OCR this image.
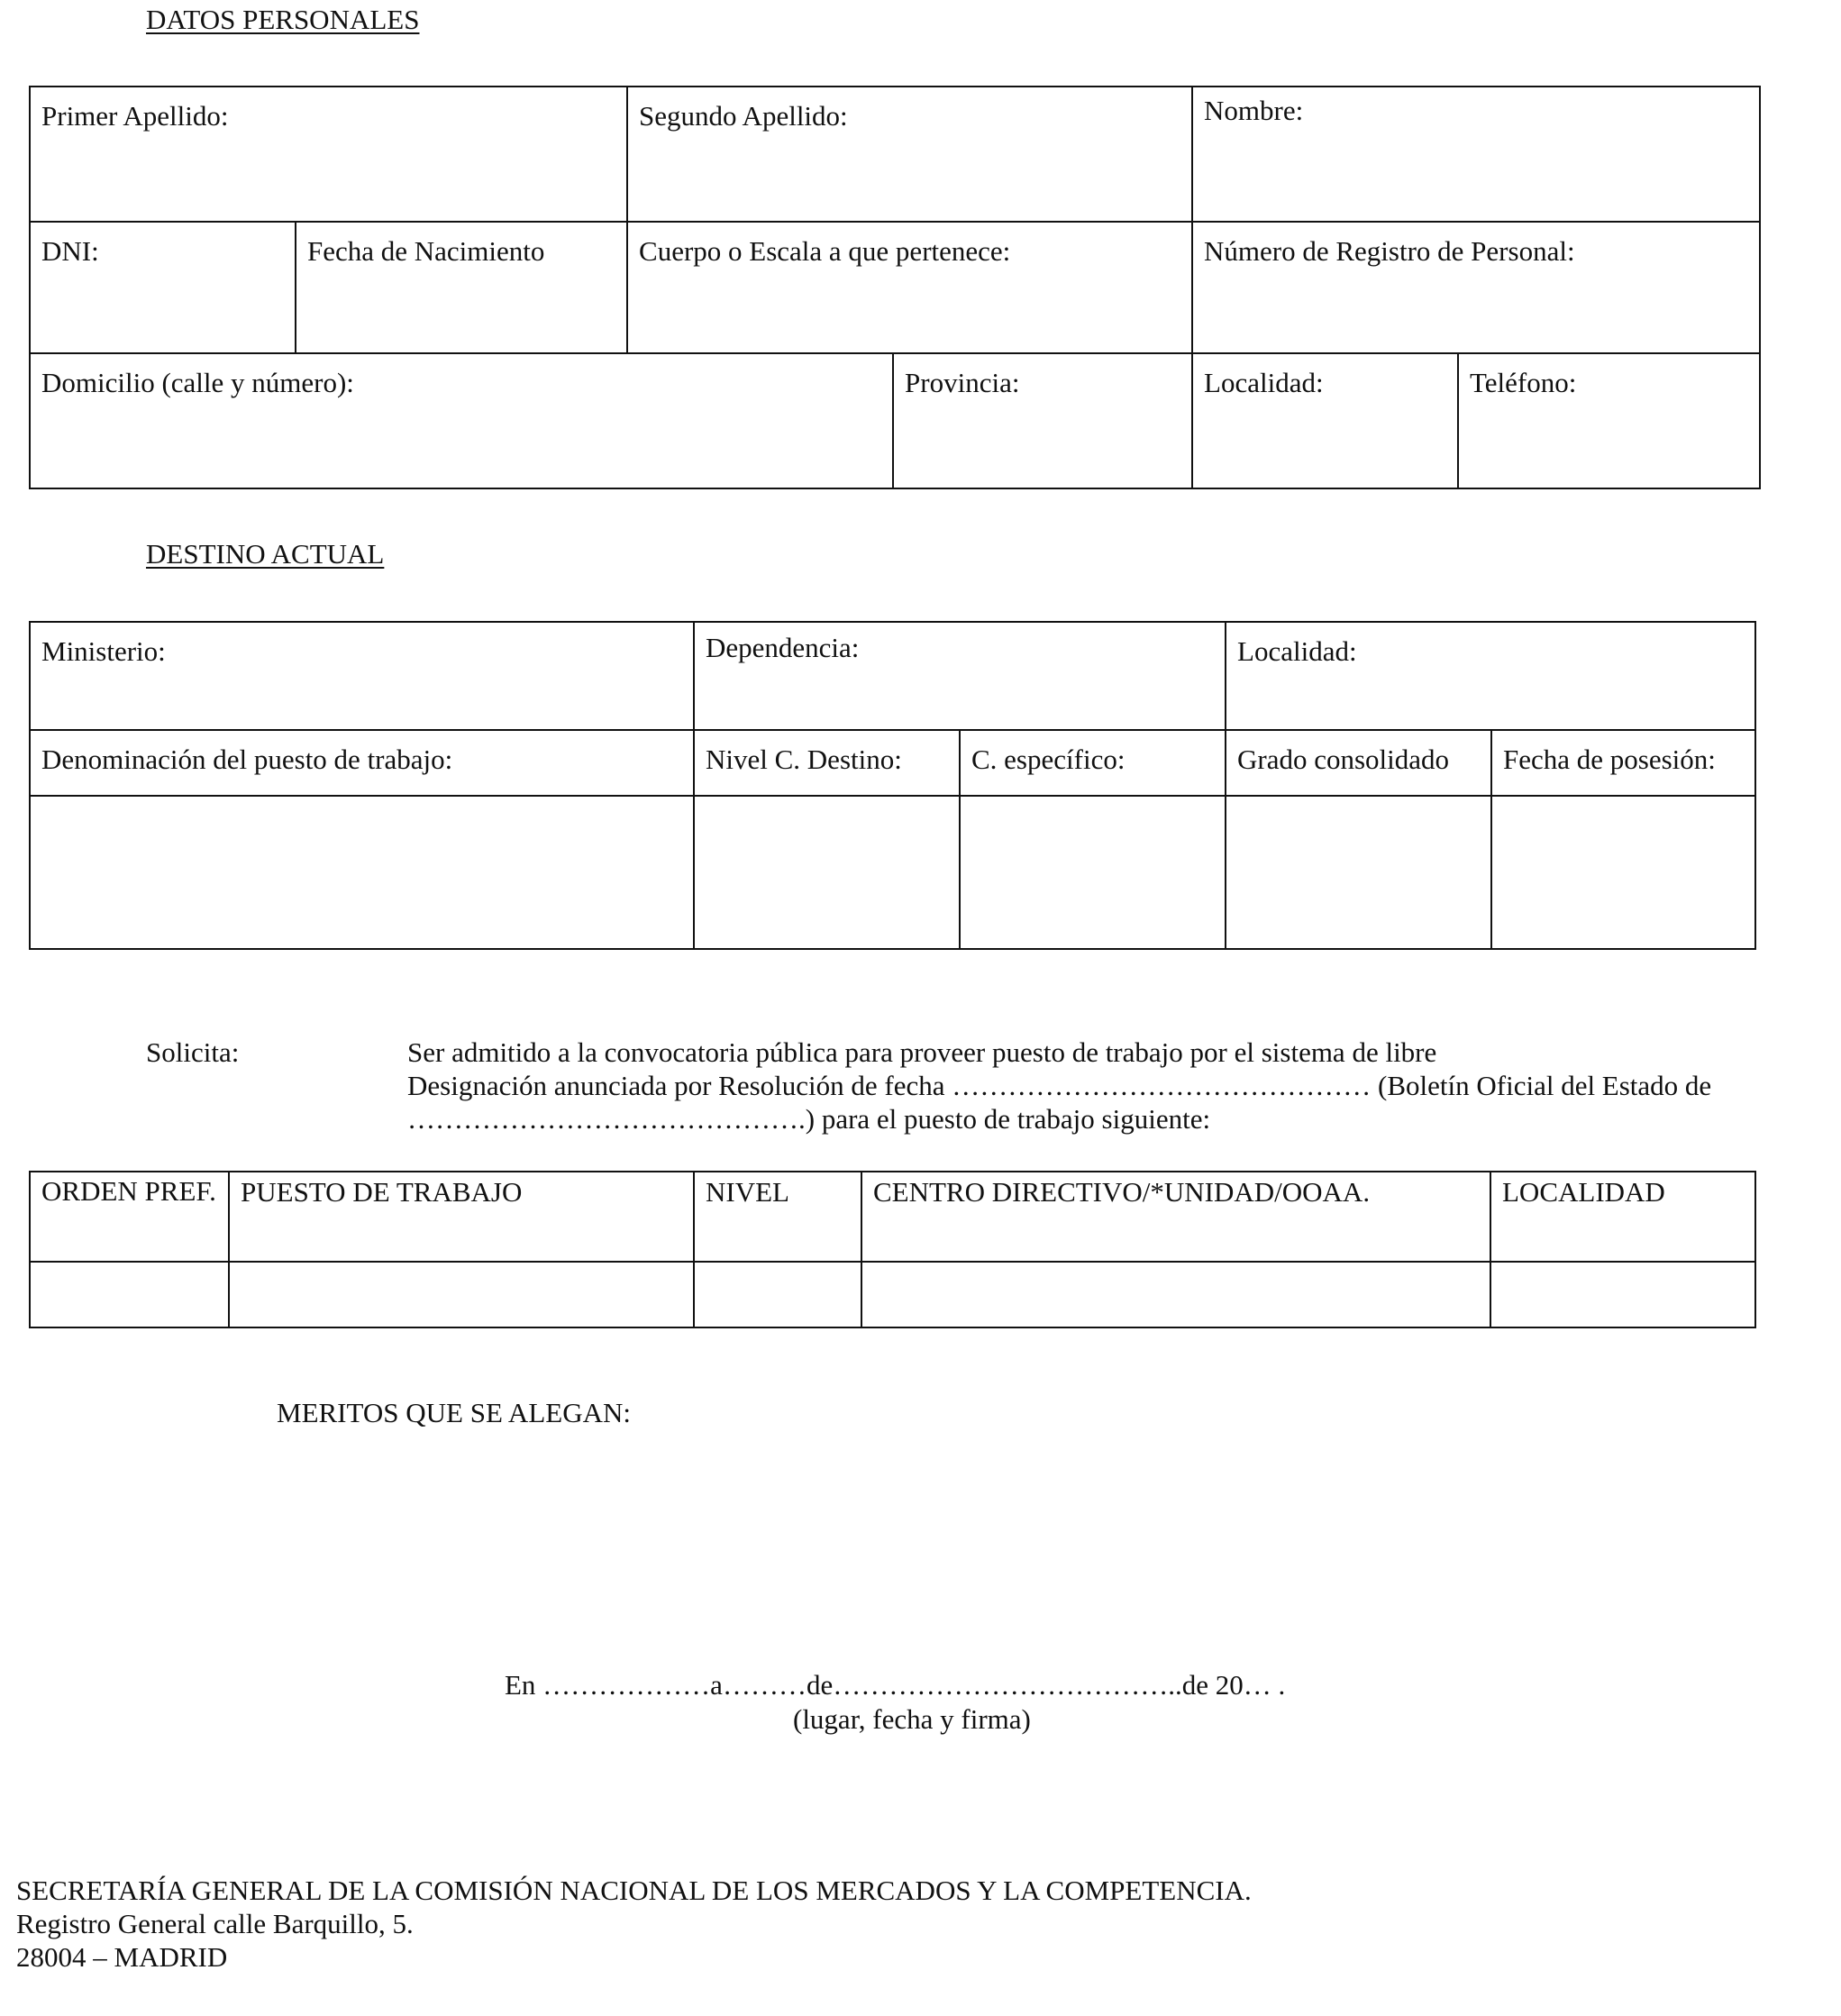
DATOS PERSONALES
Primer Apellido:		Segundo Apellido:		Nombre:	
DNI:	Fecha de Nacimiento	Cuerpo o Escala a que pertenece:		Número de Registro de Personal:	
Domicilio (calle y número):			Provincia:	Localidad:	Teléfono:
DESTINO ACTUAL
Ministerio:	Dependencia:		Localidad:	
Denominación del puesto de trabajo:	Nivel C. Destino:	C. específico:	Grado consolidado	Fecha de posesión:

Solicita:	Ser admitido a la convocatoria pública para proveer puesto de trabajo por el sistema de libre
Designación anunciada por Resolución de fecha ……………………………………… (Boletín Oficial del Estado de
…………………………………….) para el puesto de trabajo siguiente:
ORDEN PREF.	PUESTO DE TRABAJO	NIVEL	CENTRO DIRECTIVO/*UNIDAD/OOAA.	LOCALIDAD

MERITOS QUE SE ALEGAN:
En ………………a………de………………………………..de 20… .
(lugar, fecha y firma)
SECRETARÍA GENERAL DE LA COMISIÓN NACIONAL DE LOS MERCADOS Y LA COMPETENCIA.
Registro General calle Barquillo, 5.
28004 – MADRID
